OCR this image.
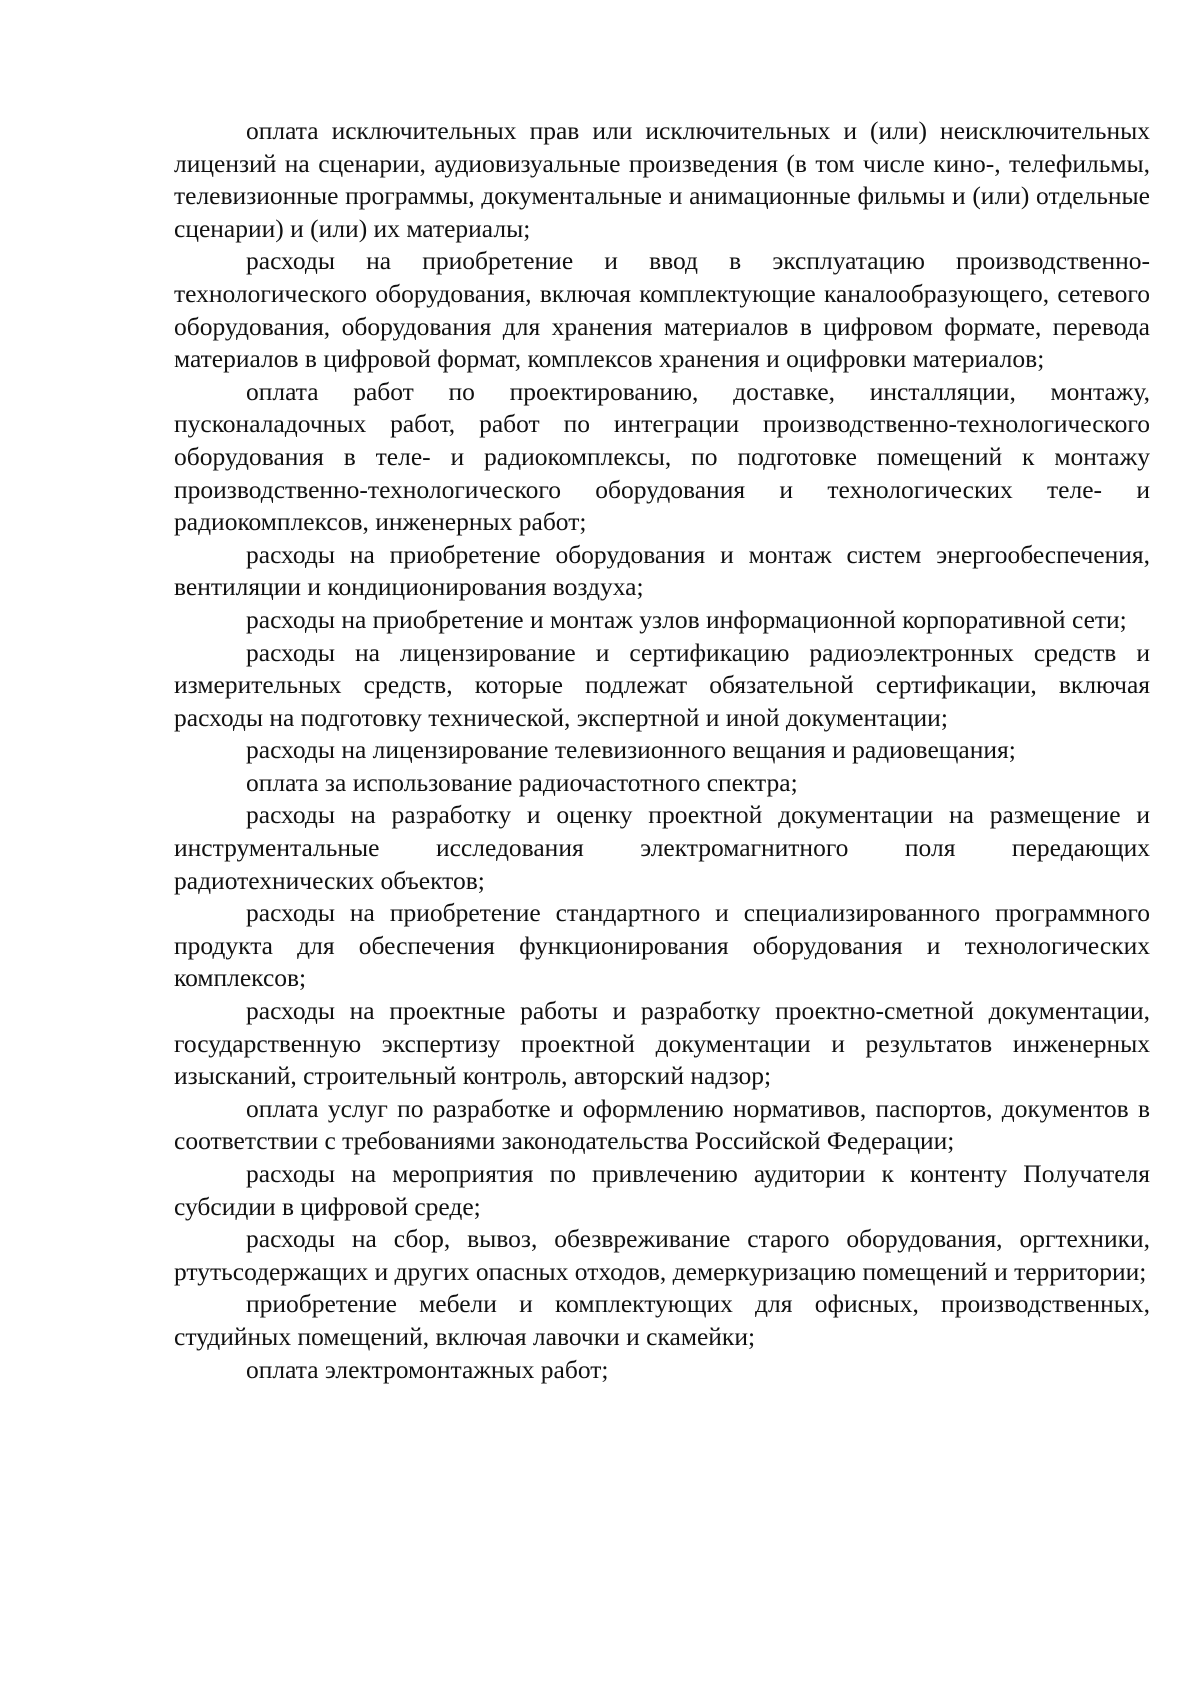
оплата исключительных прав или исключительных и (или) неисключительных лицензий на сценарии, аудиовизуальные произведения (в том числе кино-, телефильмы, телевизионные программы, документальные и анимационные фильмы и (или) отдельные сценарии) и (или) их материалы;

расходы на приобретение и ввод в эксплуатацию производственно-технологического оборудования, включая комплектующие каналообразующего, сетевого оборудования, оборудования для хранения материалов в цифровом формате, перевода материалов в цифровой формат, комплексов хранения и оцифровки материалов;

оплата работ по проектированию, доставке, инсталляции, монтажу, пусконаладочных работ, работ по интеграции производственно-технологического оборудования в теле- и радиокомплексы, по подготовке помещений к монтажу производственно-технологического оборудования и технологических теле- и радиокомплексов, инженерных работ;

расходы на приобретение оборудования и монтаж систем энергообеспечения, вентиляции и кондиционирования воздуха;

расходы на приобретение и монтаж узлов информационной корпоративной сети;

расходы на лицензирование и сертификацию радиоэлектронных средств и измерительных средств, которые подлежат обязательной сертификации, включая расходы на подготовку технической, экспертной и иной документации;

расходы на лицензирование телевизионного вещания и радиовещания;

оплата за использование радиочастотного спектра;

расходы на разработку и оценку проектной документации на размещение и инструментальные исследования электромагнитного поля передающих радиотехнических объектов;

расходы на приобретение стандартного и специализированного программного продукта для обеспечения функционирования оборудования и технологических комплексов;

расходы на проектные работы и разработку проектно-сметной документации, государственную экспертизу проектной документации и результатов инженерных изысканий, строительный контроль, авторский надзор;

оплата услуг по разработке и оформлению нормативов, паспортов, документов в соответствии с требованиями законодательства Российской Федерации;

расходы на мероприятия по привлечению аудитории к контенту Получателя субсидии в цифровой среде;

расходы на сбор, вывоз, обезвреживание старого оборудования, оргтехники, ртутьсодержащих и других опасных отходов, демеркуризацию помещений и территории;

приобретение мебели и комплектующих для офисных, производственных, студийных помещений, включая лавочки и скамейки;

оплата электромонтажных работ;
